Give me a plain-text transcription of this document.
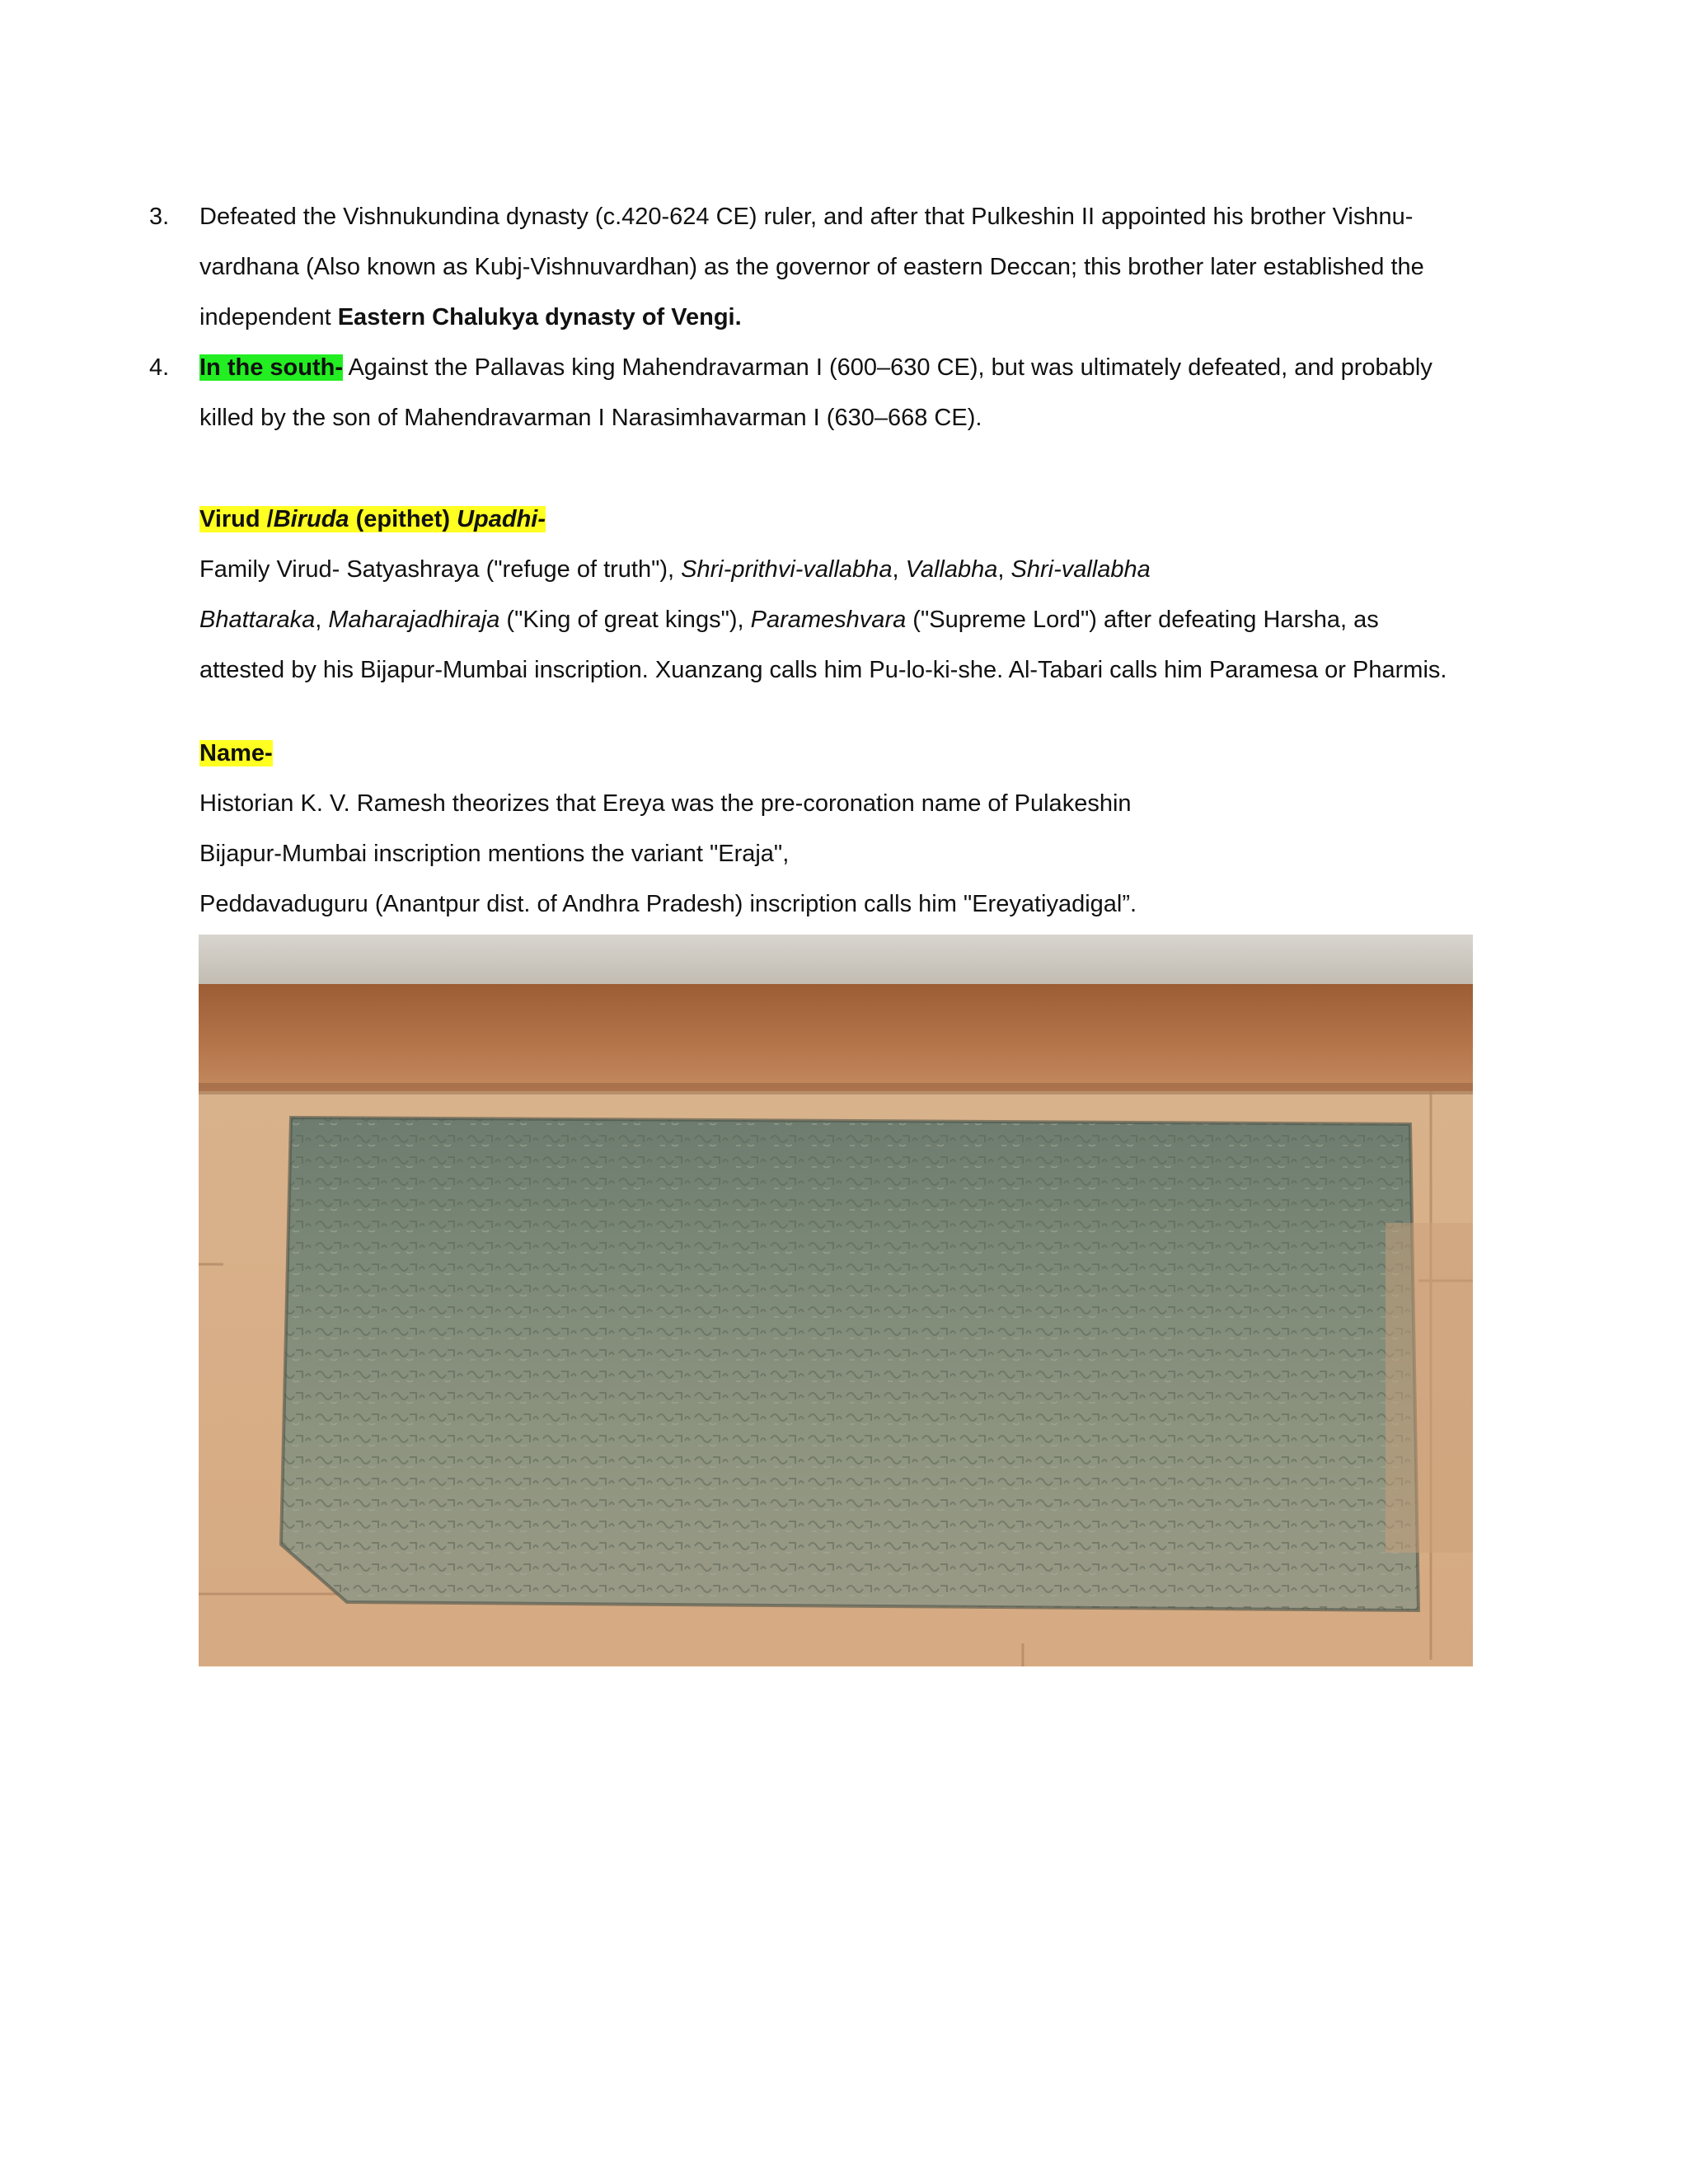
3.	Defeated the Vishnukundina dynasty (c.420-624 CE) ruler, and after that Pulkeshin II appointed his brother Vishnu-
vardhana (Also known as Kubj-Vishnuvardhan) as the governor of eastern Deccan; this brother later established the
independent Eastern Chalukya dynasty of Vengi.
4.	In the south- Against the Pallavas king Mahendravarman I (600–630 CE), but was ultimately defeated, and probably
killed by the son of Mahendravarman I Narasimhavarman I (630–668 CE).
Virud /Biruda (epithet) Upadhi-
Family Virud- Satyashraya ("refuge of truth"), Shri-prithvi-vallabha, Vallabha, Shri-vallabha
Bhattaraka, Maharajadhiraja ("King of great kings"), Parameshvara ("Supreme Lord") after defeating Harsha, as
attested by his Bijapur-Mumbai inscription. Xuanzang calls him Pu-lo-ki-she. Al-Tabari calls him Paramesa or Pharmis.
Name-
Historian K. V. Ramesh theorizes that Ereya was the pre-coronation name of Pulakeshin
Bijapur-Mumbai inscription mentions the variant "Eraja",
Peddavaduguru (Anantpur dist. of Andhra Pradesh) inscription calls him "Ereyatiyadigal”.
